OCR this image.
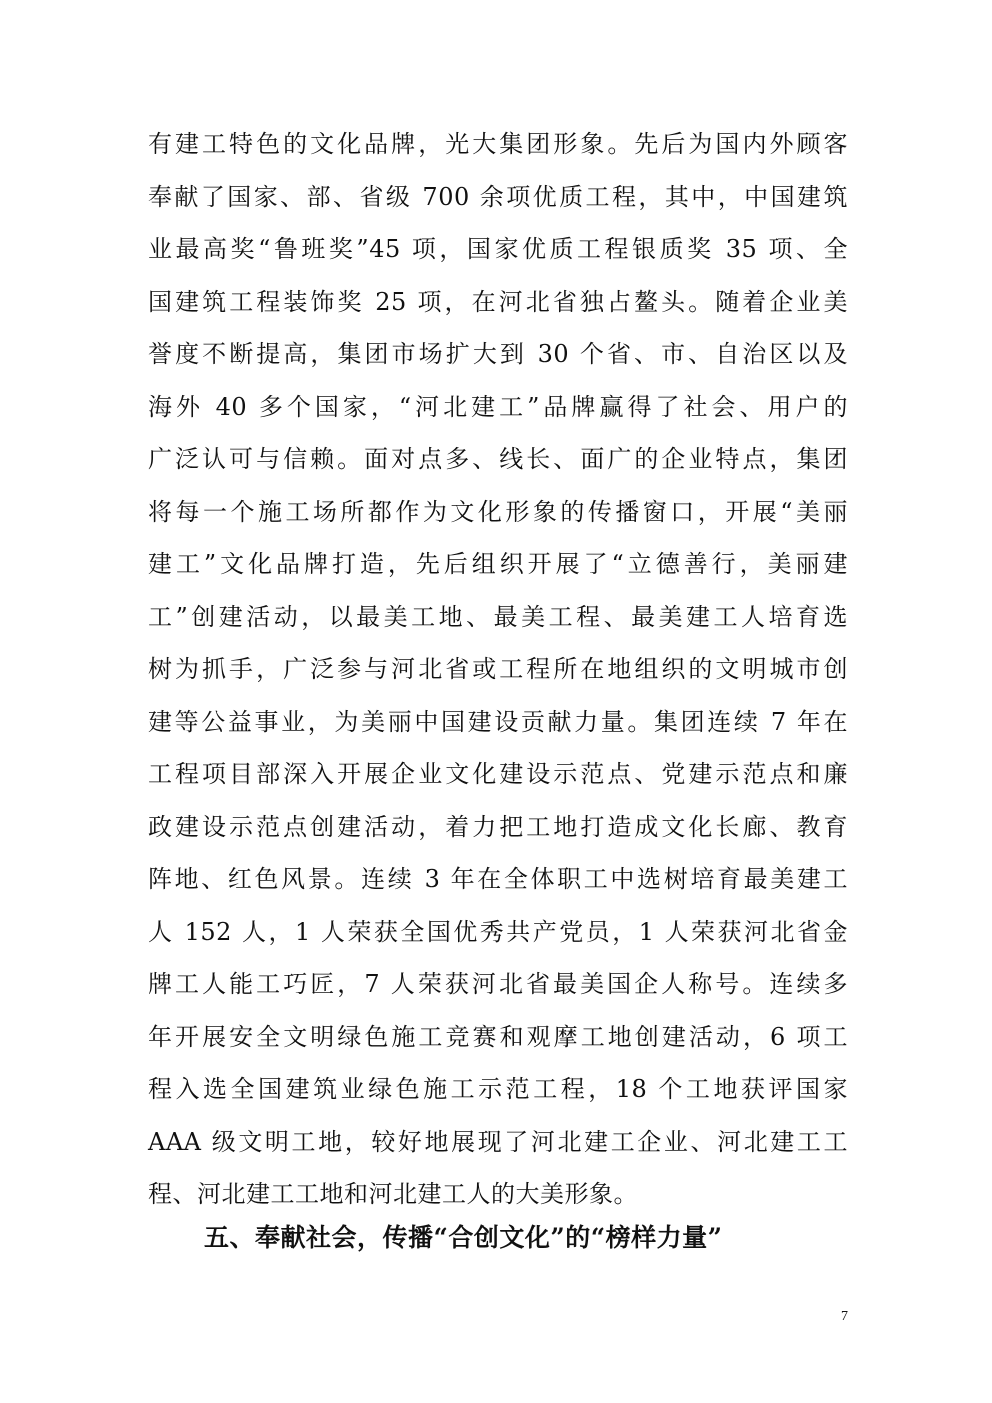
有建工特色的文化品牌，光大集团形象。先后为国内外顾客
奉献了国家、部、省级 700 余项优质工程，其中，中国建筑
业最高奖“鲁班奖”45 项，国家优质工程银质奖 35 项、全
国建筑工程装饰奖 25 项，在河北省独占鳌头。随着企业美
誉度不断提高，集团市场扩大到 30 个省、市、自治区以及
海外 40 多个国家，“河北建工”品牌赢得了社会、用户的
广泛认可与信赖。面对点多、线长、面广的企业特点，集团
将每一个施工场所都作为文化形象的传播窗口，开展“美丽
建工”文化品牌打造，先后组织开展了“立德善行，美丽建
工”创建活动，以最美工地、最美工程、最美建工人培育选
树为抓手，广泛参与河北省或工程所在地组织的文明城市创
建等公益事业，为美丽中国建设贡献力量。集团连续 7 年在
工程项目部深入开展企业文化建设示范点、党建示范点和廉
政建设示范点创建活动，着力把工地打造成文化长廊、教育
阵地、红色风景。连续 3 年在全体职工中选树培育最美建工
人 152 人，1 人荣获全国优秀共产党员，1 人荣获河北省金
牌工人能工巧匠，7 人荣获河北省最美国企人称号。连续多
年开展安全文明绿色施工竞赛和观摩工地创建活动，6 项工
程入选全国建筑业绿色施工示范工程，18 个工地获评国家
AAA 级文明工地，较好地展现了河北建工企业、河北建工工
程、河北建工工地和河北建工人的大美形象。
五、奉献社会，传播“合创文化”的“榜样力量”
7
